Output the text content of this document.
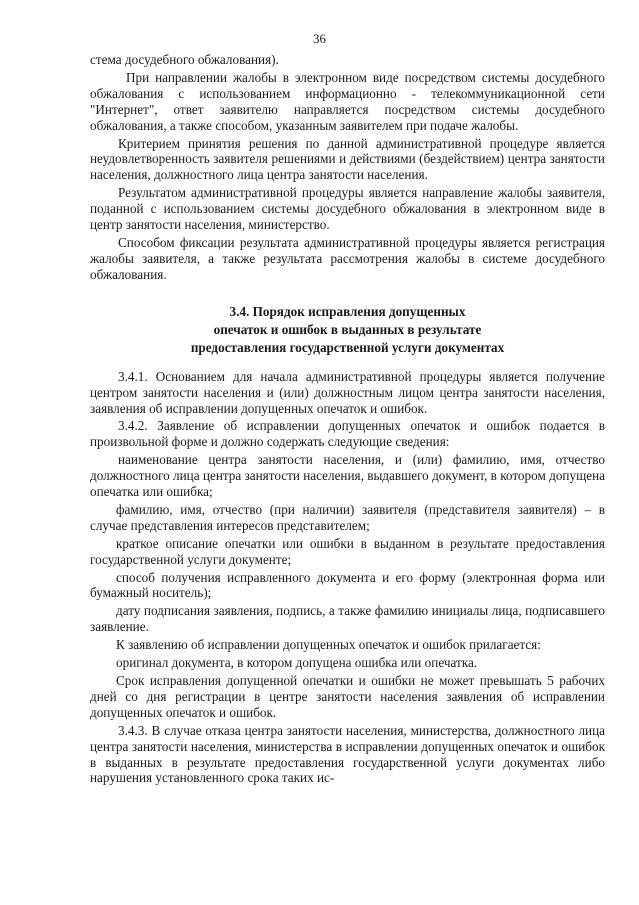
36

стема досудебного обжалования).

При направлении жалобы в электронном виде посредством системы досудебного обжалования с использованием информационно - телекоммуникационной сети "Интернет", ответ заявителю направляется посредством системы досудебного обжалования, а также способом, указанным заявителем при подаче жалобы.

Критерием принятия решения по данной административной процедуре является неудовлетворенность заявителя решениями и действиями (бездействием) центра занятости населения, должностного лица центра занятости населения.

Результатом административной процедуры является направление жалобы заявителя, поданной с использованием системы досудебного обжалования в электронном виде в центр занятости населения, министерство.

Способом фиксации результата административной процедуры является регистрация жалобы заявителя, а также результата рассмотрения жалобы в системе досудебного обжалования.

3.4. Порядок исправления допущенных
опечаток и ошибок в выданных в результате
предоставления государственной услуги документах

3.4.1. Основанием для начала административной процедуры является получение центром занятости населения и (или) должностным лицом центра занятости населения, заявления об исправлении допущенных опечаток и ошибок.

3.4.2. Заявление об исправлении допущенных опечаток и ошибок подается в произвольной форме и должно содержать следующие сведения:

наименование центра занятости населения, и (или) фамилию, имя, отчество должностного лица центра занятости населения, выдавшего документ, в котором допущена опечатка или ошибка;

фамилию, имя, отчество (при наличии) заявителя (представителя заявителя) – в случае представления интересов представителем;

краткое описание опечатки или ошибки в выданном в результате предоставления государственной услуги документе;

способ получения исправленного документа и его форму (электронная форма или бумажный носитель);

дату подписания заявления, подпись, а также фамилию инициалы лица, подписавшего заявление.

К заявлению об исправлении допущенных опечаток и ошибок прилагается:

оригинал документа, в котором допущена ошибка или опечатка.

Срок исправления допущенной опечатки и ошибки не может превышать 5 рабочих дней со дня регистрации в центре занятости населения заявления об исправлении допущенных опечаток и ошибок.

3.4.3. В случае отказа центра занятости населения, министерства, должностного лица центра занятости населения, министерства в исправлении допущенных опечаток и ошибок в выданных в результате предоставления государственной услуги документах либо нарушения установленного срока таких ис-
